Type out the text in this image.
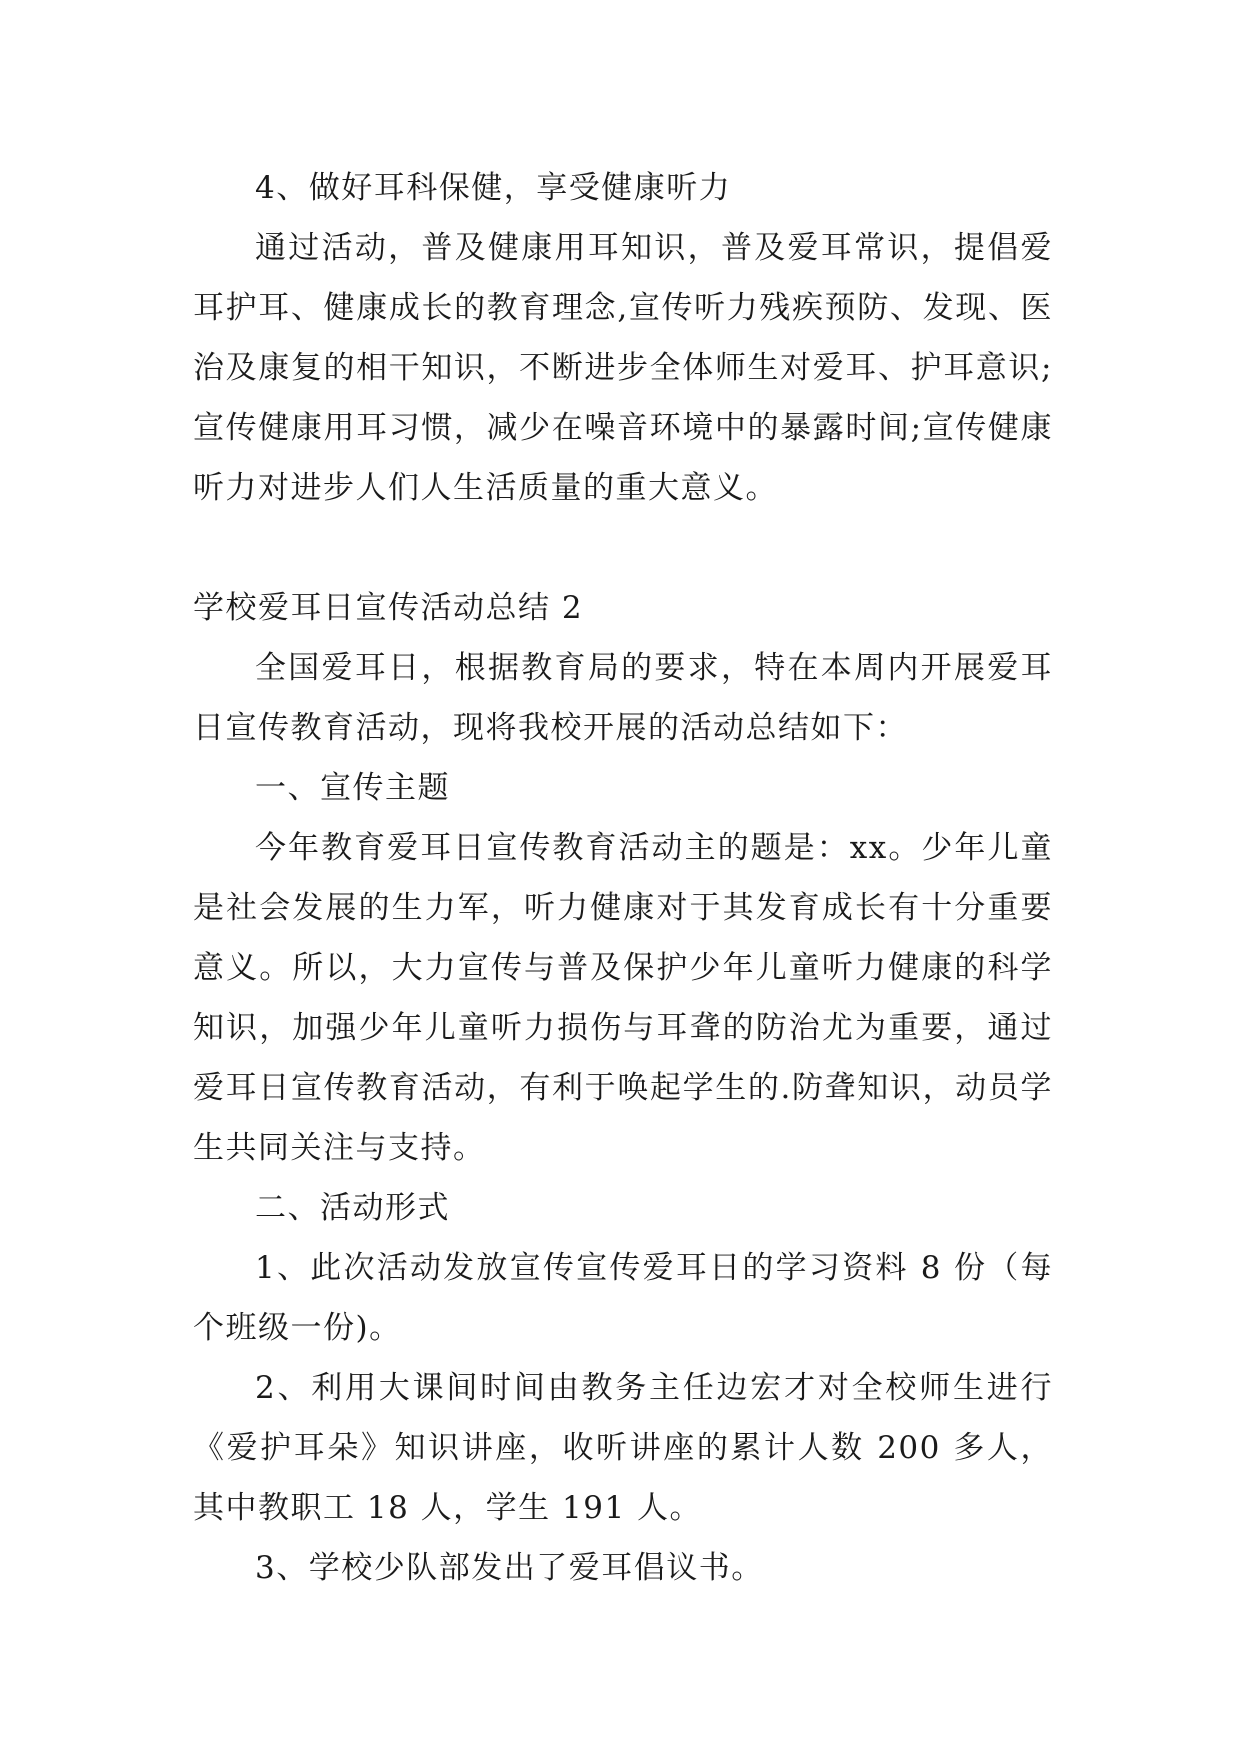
4、做好耳科保健，享受健康听力

通过活动，普及健康用耳知识，普及爱耳常识，提倡爱耳护耳、健康成长的教育理念,宣传听力残疾预防、发现、医治及康复的相干知识，不断进步全体师生对爱耳、护耳意识;宣传健康用耳习惯，减少在噪音环境中的暴露时间;宣传健康听力对进步人们人生活质量的重大意义。

学校爱耳日宣传活动总结 2

全国爱耳日，根据教育局的要求，特在本周内开展爱耳日宣传教育活动，现将我校开展的活动总结如下：

一、宣传主题

今年教育爱耳日宣传教育活动主的题是：xx。少年儿童是社会发展的生力军，听力健康对于其发育成长有十分重要意义。所以，大力宣传与普及保护少年儿童听力健康的科学知识，加强少年儿童听力损伤与耳聋的防治尤为重要，通过爱耳日宣传教育活动，有利于唤起学生的.防聋知识，动员学生共同关注与支持。

二、活动形式

1、此次活动发放宣传宣传爱耳日的学习资料 8 份（每个班级一份)。

2、利用大课间时间由教务主任边宏才对全校师生进行《爱护耳朵》知识讲座，收听讲座的累计人数 200 多人，其中教职工 18 人，学生 191 人。

3、学校少队部发出了爱耳倡议书。
